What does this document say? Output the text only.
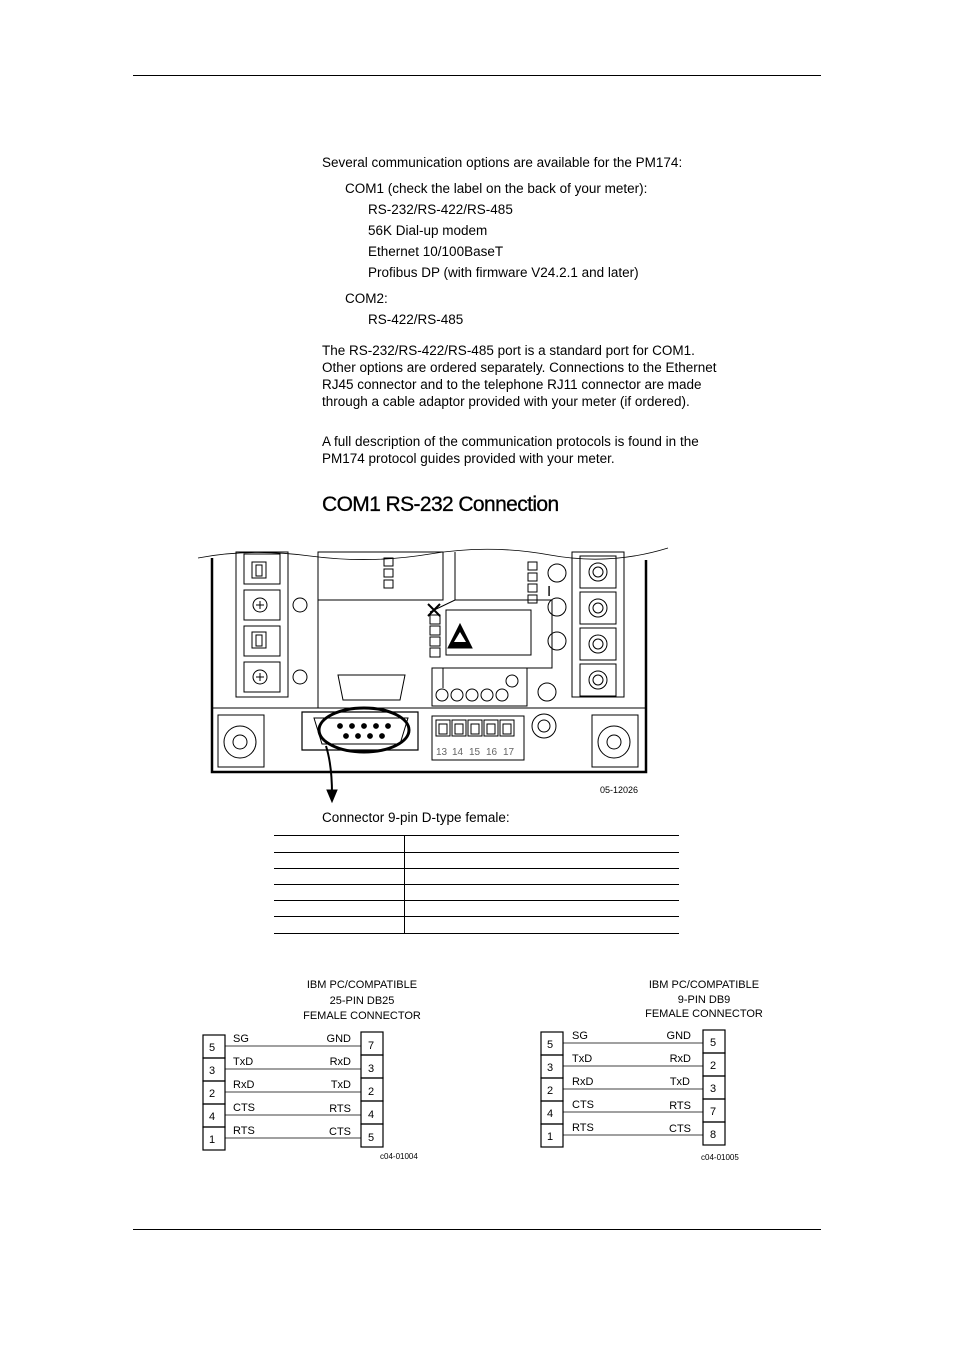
Several communication options are available for the PM174:
COM1 (check the label on the back of your meter):
RS-232/RS-422/RS-485
56K Dial-up modem
Ethernet 10/100BaseT
Profibus DP (with firmware V24.2.1 and later)
COM2:
RS-422/RS-485
The RS-232/RS-422/RS-485 port is a standard port for COM1. Other options are ordered separately. Connections to the Ethernet RJ45 connector and to the telephone RJ11 connector are made through a cable adaptor provided with your meter (if ordered).
A full description of the communication protocols is found in the PM174 protocol guides provided with your meter.
COM1 RS-232 Connection
13 14 15 16 17
I
05-12026
Connector 9-pin D-type female:
IBM PC/COMPATIBLE
25-PIN DB25
FEMALE CONNECTOR
5
3
2
4
1
SG
TxD
RxD
CTS
RTS
GND
RxD
TxD
RTS
CTS
7
3
2
4
5
c04-01004
IBM PC/COMPATIBLE
9-PIN DB9
FEMALE CONNECTOR
5
3
2
4
1
SG
TxD
RxD
CTS
RTS
GND
RxD
TxD
RTS
CTS
5
2
3
7
8
c04-01005
